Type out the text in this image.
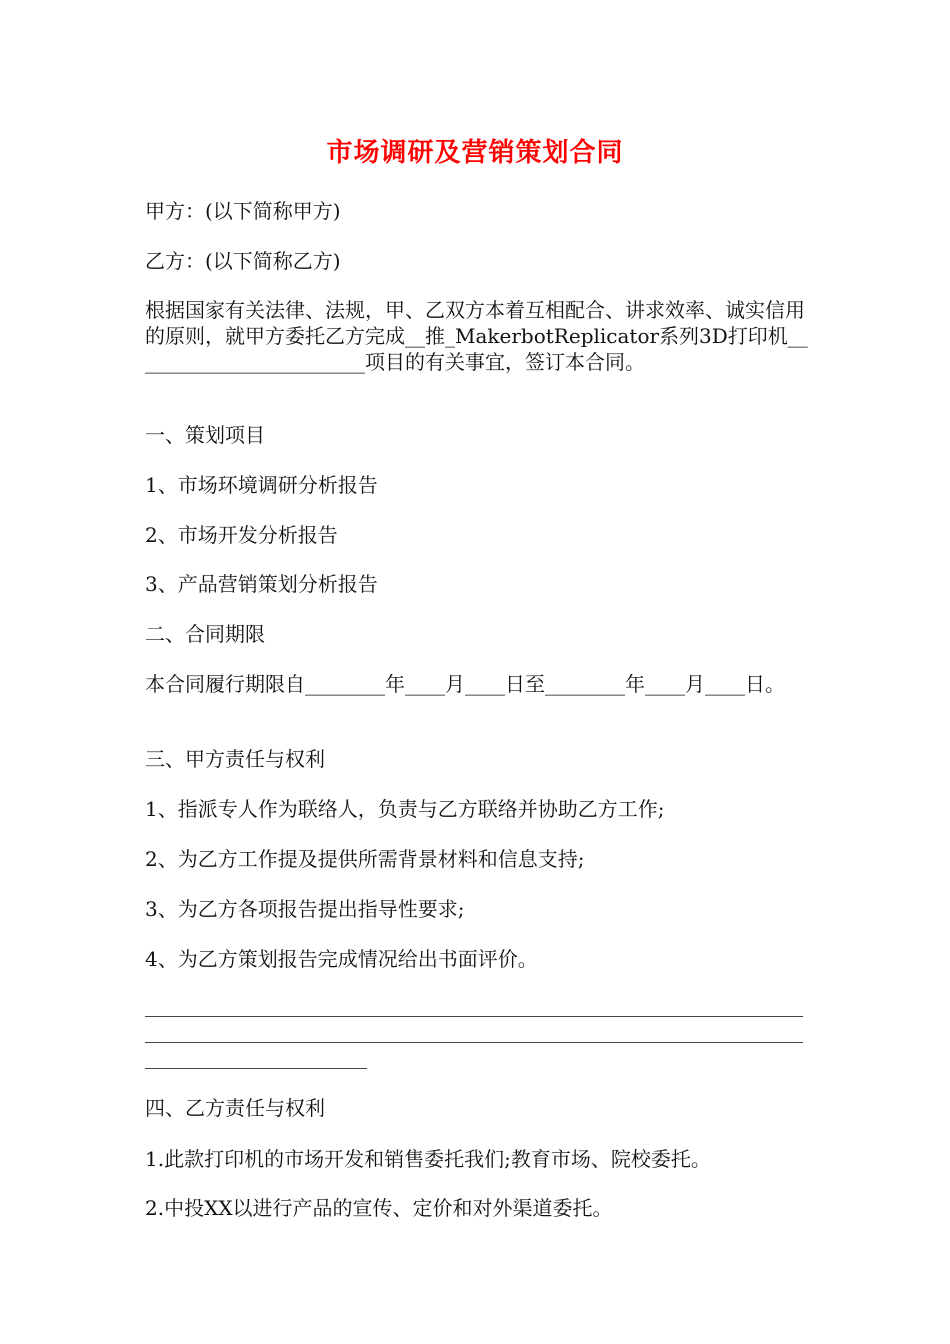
市场调研及营销策划合同
甲方：(以下简称甲方)
乙方：(以下简称乙方)
根据国家有关法律、法规，甲、乙双方本着互相配合、讲求效率、诚实信用的原则，就甲方委托乙方完成__推_MakerbotReplicator系列3D打印机________________________项目的有关事宜，签订本合同。
一、策划项目
1、市场环境调研分析报告
2、市场开发分析报告
3、产品营销策划分析报告
二、合同期限
本合同履行期限自________年____月____日至________年____月____日。
三、甲方责任与权利
1、指派专人作为联络人，负责与乙方联络并协助乙方工作;
2、为乙方工作提及提供所需背景材料和信息支持;
3、为乙方各项报告提出指导性要求;
4、为乙方策划报告完成情况给出书面评价。
四、乙方责任与权利
1.此款打印机的市场开发和销售委托我们;教育市场、院校委托。
2.中投XX以进行产品的宣传、定价和对外渠道委托。
